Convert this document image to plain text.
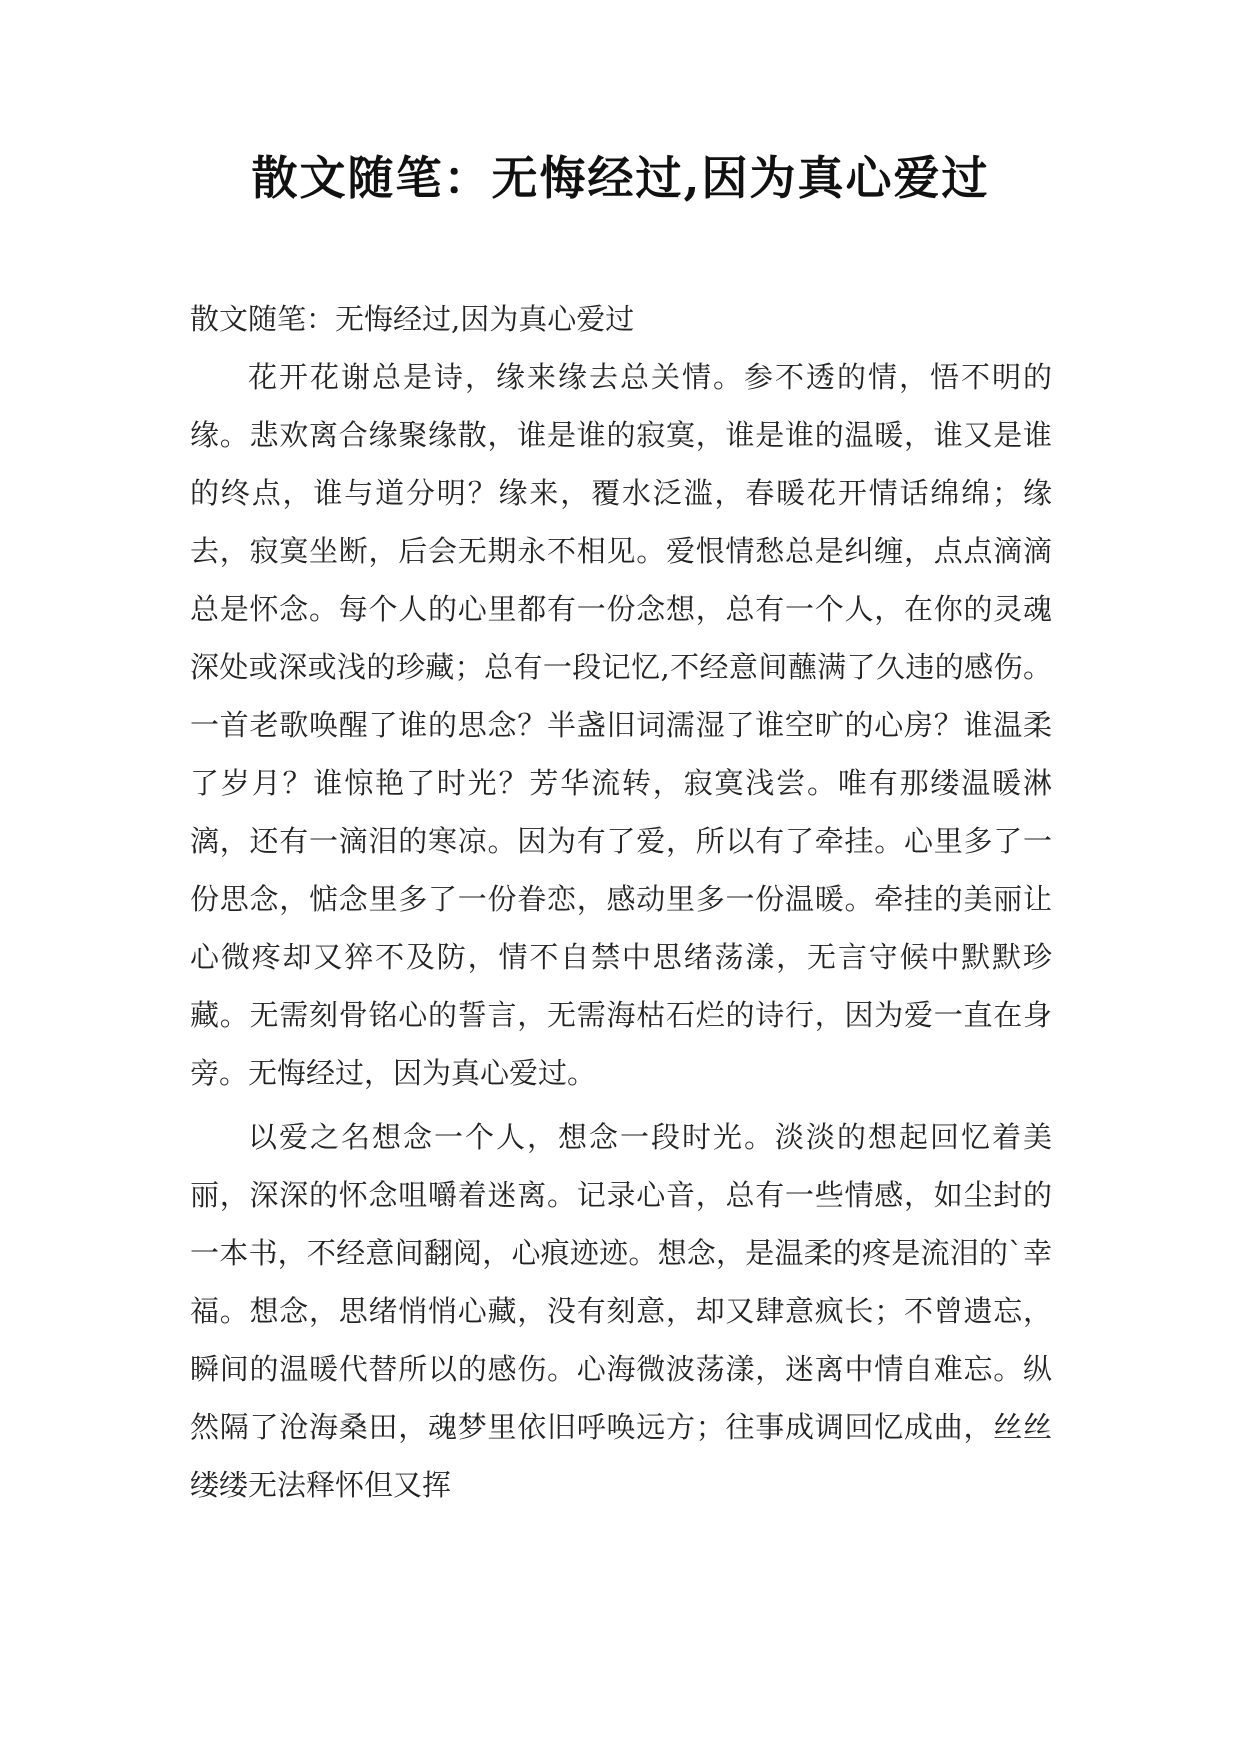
散文随笔：无悔经过,因为真心爱过

散文随笔：无悔经过,因为真心爱过

花开花谢总是诗，缘来缘去总关情。参不透的情，悟不明的缘。悲欢离合缘聚缘散，谁是谁的寂寞，谁是谁的温暖，谁又是谁的终点，谁与道分明？缘来，覆水泛滥，春暖花开情话绵绵；缘去，寂寞坐断，后会无期永不相见。爱恨情愁总是纠缠，点点滴滴总是怀念。每个人的心里都有一份念想，总有一个人，在你的灵魂深处或深或浅的珍藏；总有一段记忆,不经意间蘸满了久违的感伤。一首老歌唤醒了谁的思念？半盏旧词濡湿了谁空旷的心房？谁温柔了岁月？谁惊艳了时光？芳华流转，寂寞浅尝。唯有那缕温暖淋漓，还有一滴泪的寒凉。因为有了爱，所以有了牵挂。心里多了一份思念，惦念里多了一份眷恋，感动里多一份温暖。牵挂的美丽让心微疼却又猝不及防，情不自禁中思绪荡漾，无言守候中默默珍藏。无需刻骨铭心的誓言，无需海枯石烂的诗行，因为爱一直在身旁。无悔经过，因为真心爱过。

以爱之名想念一个人，想念一段时光。淡淡的想起回忆着美丽，深深的怀念咀嚼着迷离。记录心音，总有一些情感，如尘封的一本书，不经意间翻阅，心痕迹迹。想念，是温柔的疼是流泪的`幸福。想念，思绪悄悄心藏，没有刻意，却又肆意疯长；不曾遗忘，瞬间的温暖代替所以的感伤。心海微波荡漾，迷离中情自难忘。纵然隔了沧海桑田，魂梦里依旧呼唤远方；往事成调回忆成曲，丝丝缕缕无法释怀但又挥
